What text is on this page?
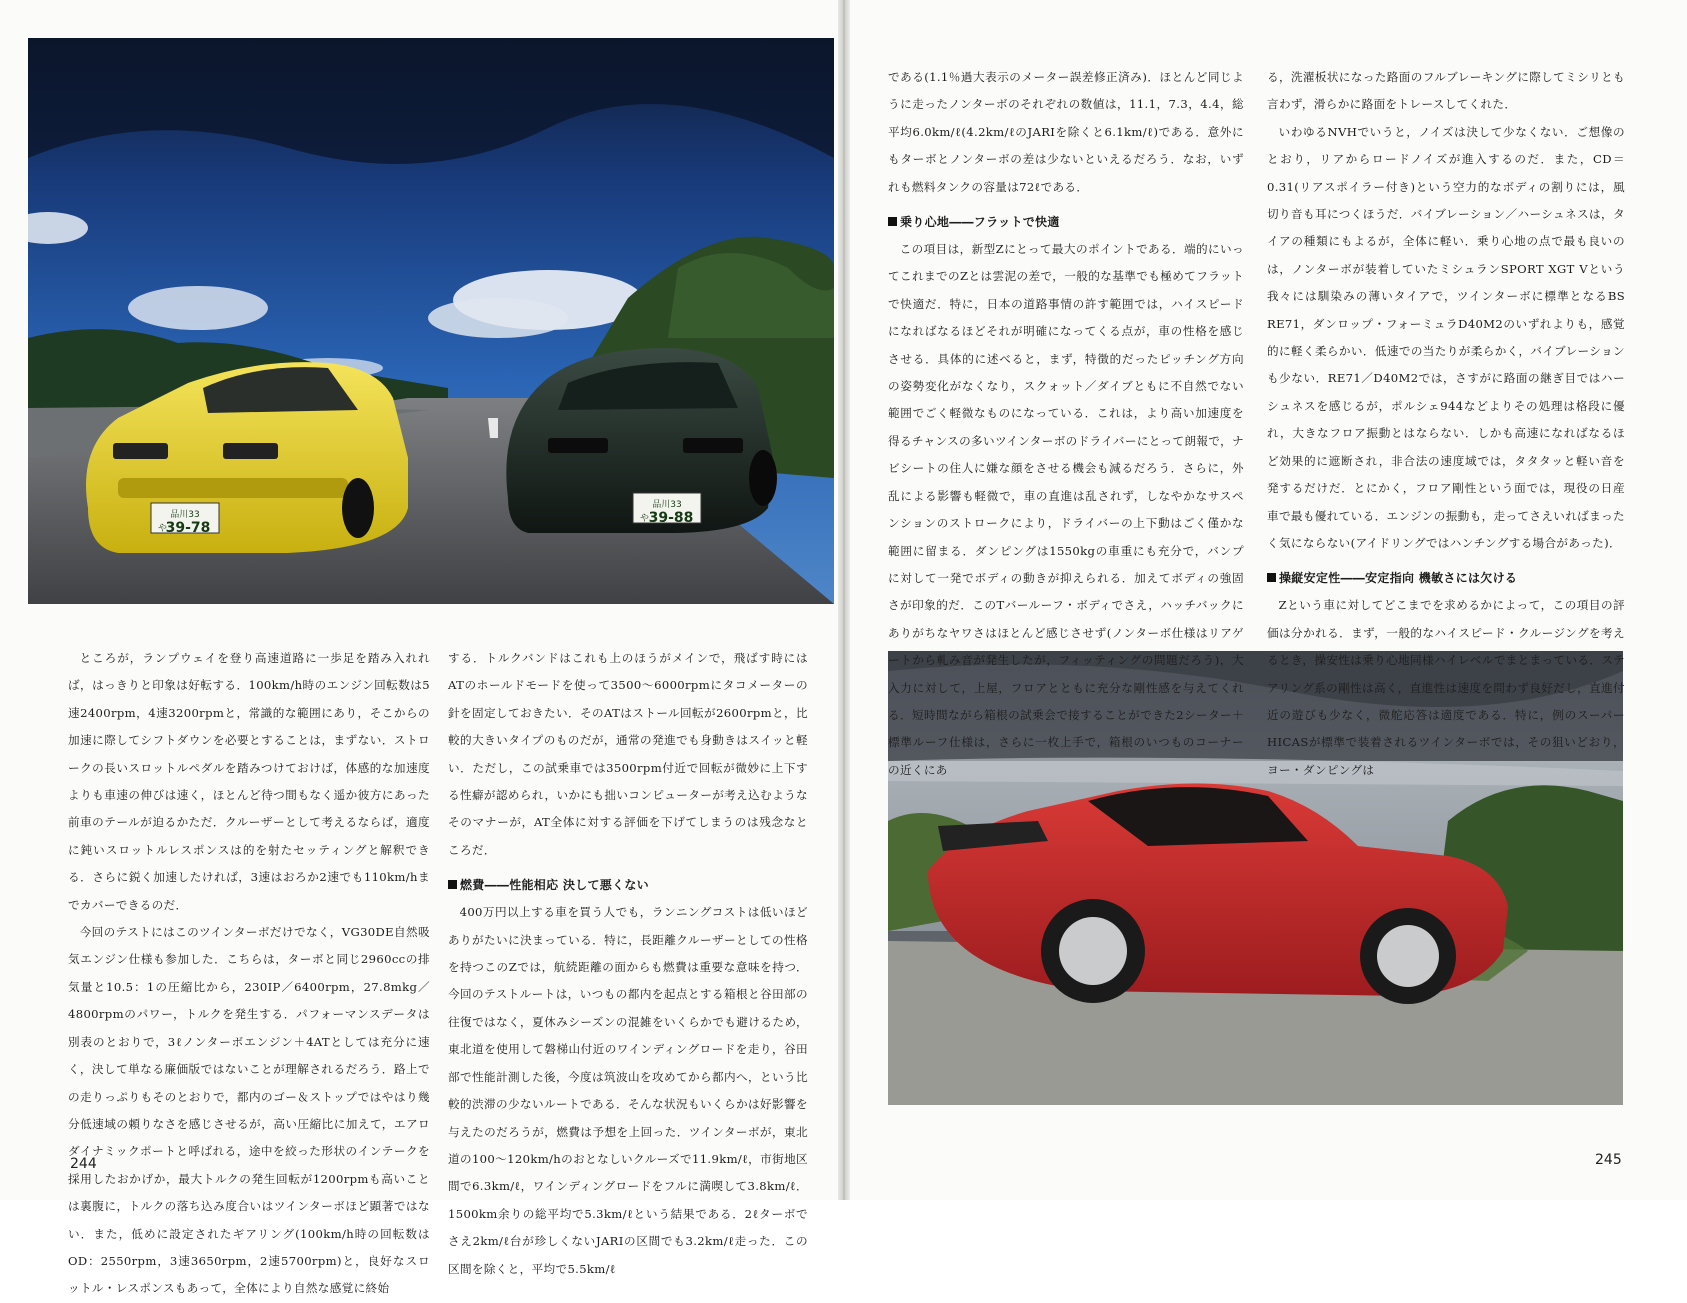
品川33
や
39-78
品川33
や 39-88

ところが，ランプウェイを登り高速道路に一歩足を踏み入れれば，はっきりと印象は好転する．100km/h時のエンジン回転数は5速2400rpm，4速3200rpmと，常識的な範囲にあり，そこからの加速に際してシフトダウンを必要とすることは，まずない．ストロークの長いスロットルペダルを踏みつけておけば，体感的な加速度よりも車速の伸びは速く，ほとんど待つ間もなく遥か彼方にあった前車のテールが迫るかただ．クルーザーとして考えるならば，適度に鈍いスロットルレスポンスは的を射たセッティングと解釈できる．さらに鋭く加速したければ，3速はおろか2速でも110km/hまでカバーできるのだ．

今回のテストにはこのツインターボだけでなく，VG30DE自然吸気エンジン仕様も参加した．こちらは，ターボと同じ2960ccの排気量と10.5：1の圧縮比から，230IP／6400rpm，27.8mkg／4800rpmのパワー，トルクを発生する．パフォーマンスデータは別表のとおりで，3ℓノンターボエンジン＋4ATとしては充分に速く，決して単なる廉価版ではないことが理解されるだろう．路上での走りっぷりもそのとおりで，都内のゴー＆ストップではやはり幾分低速域の頼りなさを感じさせるが，高い圧縮比に加えて，エアロダイナミックポートと呼ばれる，途中を絞った形状のインテークを採用したおかげか，最大トルクの発生回転が1200rpmも高いことは裏腹に，トルクの落ち込み度合いはツインターボほど顕著ではない．また，低めに設定されたギアリング(100km/h時の回転数はOD：2550rpm，3速3650rpm，2速5700rpm)と，良好なスロットル・レスポンスもあって，全体により自然な感覚に終始

する．トルクバンドはこれも上のほうがメインで，飛ばす時にはATのホールドモードを使って3500～6000rpmにタコメーターの針を固定しておきたい．そのATはストール回転が2600rpmと，比較的大きいタイプのものだが，通常の発進でも身動きはスイッと軽い．ただし，この試乗車では3500rpm付近で回転が微妙に上下する性癖が認められ，いかにも拙いコンピューターが考え込むようなそのマナーが，AT全体に対する評価を下げてしまうのは残念なところだ．

燃費――性能相応 決して悪くない

400万円以上する車を買う人でも，ランニングコストは低いほどありがたいに決まっている．特に，長距離クルーザーとしての性格を持つこのZでは，航続距離の面からも燃費は重要な意味を持つ．今回のテストルートは，いつもの都内を起点とする箱根と谷田部の往復ではなく，夏休みシーズンの混雑をいくらかでも避けるため，東北道を使用して磐梯山付近のワインディングロードを走り，谷田部で性能計測した後，今度は筑波山を攻めてから都内へ，という比較的渋滞の少ないルートである．そんな状況もいくらかは好影響を与えたのだろうが，燃費は予想を上回った．ツインターボが，東北道の100～120km/hのおとなしいクルーズで11.9km/ℓ，市街地区間で6.3km/ℓ，ワインディングロードをフルに満喫して3.8km/ℓ．1500km余りの総平均で5.3km/ℓという結果である．2ℓターボでさえ2km/ℓ台が珍しくないJARIの区間でも3.2km/ℓ走った．この区間を除くと，平均で5.5km/ℓ

である(1.1％過大表示のメーター誤差修正済み)．ほとんど同じように走ったノンターボのそれぞれの数値は，11.1，7.3，4.4，総平均6.0km/ℓ(4.2km/ℓのJARIを除くと6.1km/ℓ)である．意外にもターボとノンターボの差は少ないといえるだろう．なお，いずれも燃料タンクの容量は72ℓである．

乗り心地――フラットで快適

この項目は，新型Zにとって最大のポイントである．端的にいってこれまでのZとは雲泥の差で，一般的な基準でも極めてフラットで快適だ．特に，日本の道路事情の許す範囲では，ハイスピードになればなるほどそれが明確になってくる点が，車の性格を感じさせる．具体的に述べると，まず，特徴的だったピッチング方向の姿勢変化がなくなり，スクォット／ダイブともに不自然でない範囲でごく軽微なものになっている．これは，より高い加速度を得るチャンスの多いツインターボのドライバーにとって朗報で，ナビシートの住人に嫌な顔をさせる機会も減るだろう．さらに，外乱による影響も軽微で，車の直進は乱されず，しなやかなサスペンションのストロークにより，ドライバーの上下動はごく僅かな範囲に留まる．ダンピングは1550kgの車重にも充分で，バンプに対して一発でボディの動きが抑えられる．加えてボディの強固さが印象的だ．このTバールーフ・ボディでさえ，ハッチバックにありがちなヤワさはほとんど感じさせず(ノンターボ仕様はリアゲートから軋み音が発生したが，フィッティングの問題だろう)，大入力に対して，上屋，フロアとともに充分な剛性感を与えてくれる．短時間ながら箱根の試乗会で接することができた2シーター＋標準ルーフ仕様は，さらに一枚上手で，箱根のいつものコーナーの近くにあ

る，洗濯板状になった路面のフルブレーキングに際してミシリとも言わず，滑らかに路面をトレースしてくれた．

いわゆるNVHでいうと，ノイズは決して少なくない．ご想像のとおり，リアからロードノイズが進入するのだ．また，CD＝0.31(リアスポイラー付き)という空力的なボディの割りには，風切り音も耳につくほうだ．バイブレーション／ハーシュネスは，タイアの種類にもよるが，全体に軽い．乗り心地の点で最も良いのは，ノンターボが装着していたミシュランSPORT XGT Vという我々には馴染みの薄いタイアで，ツインターボに標準となるBS RE71，ダンロップ・フォーミュラD40M2のいずれよりも，感覚的に軽く柔らかい．低速での当たりが柔らかく，バイブレーションも少ない．RE71／D40M2では，さすがに路面の継ぎ目ではハーシュネスを感じるが，ポルシェ944などよりその処理は格段に優れ，大きなフロア振動とはならない．しかも高速になればなるほど効果的に遮断され，非合法の速度域では，タタタッと軽い音を発するだけだ．とにかく，フロア剛性という面では，現役の日産車で最も優れている．エンジンの振動も，走ってさえいればまったく気にならない(アイドリングではハンチングする場合があった)．

操縦安定性――安定指向 機敏さには欠ける

Zという車に対してどこまでを求めるかによって，この項目の評価は分かれる．まず，一般的なハイスピード・クルージングを考えるとき，操安性は乗り心地同様ハイレベルでまとまっている．ステアリング系の剛性は高く，直進性は速度を問わず良好だし，直進付近の遊びも少なく，微舵応答は適度である．特に，例のスーパーHICASが標準で装着されるツインターボでは，その狙いどおり，ヨー・ダンピングは

244	245
